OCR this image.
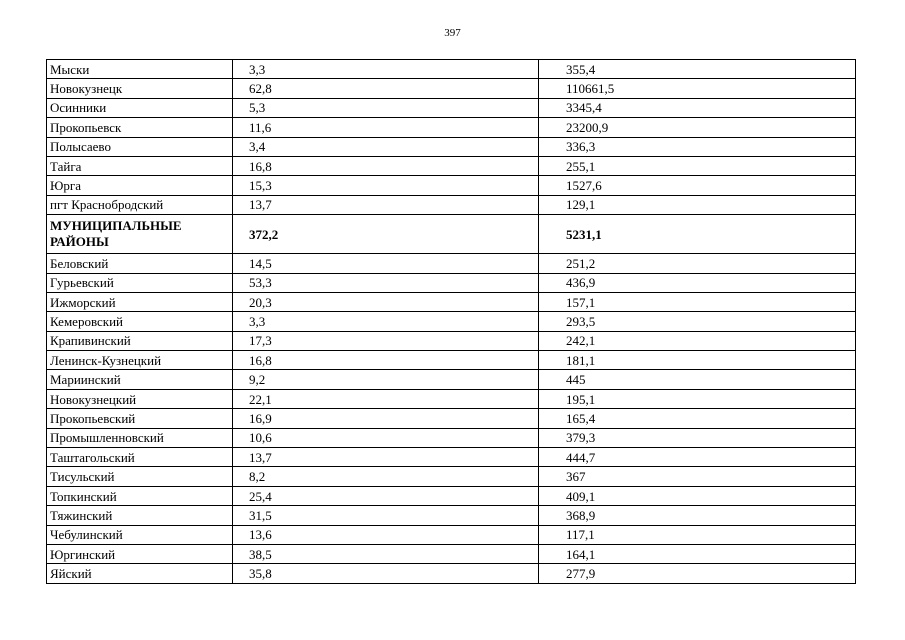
397
Мыски	3,3	355,4
Новокузнецк	62,8	110661,5
Осинники	5,3	3345,4
Прокопьевск	11,6	23200,9
Полысаево	3,4	336,3
Тайга	16,8	255,1
Юрга	15,3	1527,6
пгт Краснобродский	13,7	129,1
МУНИЦИПАЛЬНЫЕ РАЙОНЫ	372,2	5231,1
Беловский	14,5	251,2
Гурьевский	53,3	436,9
Ижморский	20,3	157,1
Кемеровский	3,3	293,5
Крапивинский	17,3	242,1
Ленинск-Кузнецкий	16,8	181,1
Мариинский	9,2	445
Новокузнецкий	22,1	195,1
Прокопьевский	16,9	165,4
Промышленновский	10,6	379,3
Таштагольский	13,7	444,7
Тисульский	8,2	367
Топкинский	25,4	409,1
Тяжинский	31,5	368,9
Чебулинский	13,6	117,1
Юргинский	38,5	164,1
Яйский	35,8	277,9
